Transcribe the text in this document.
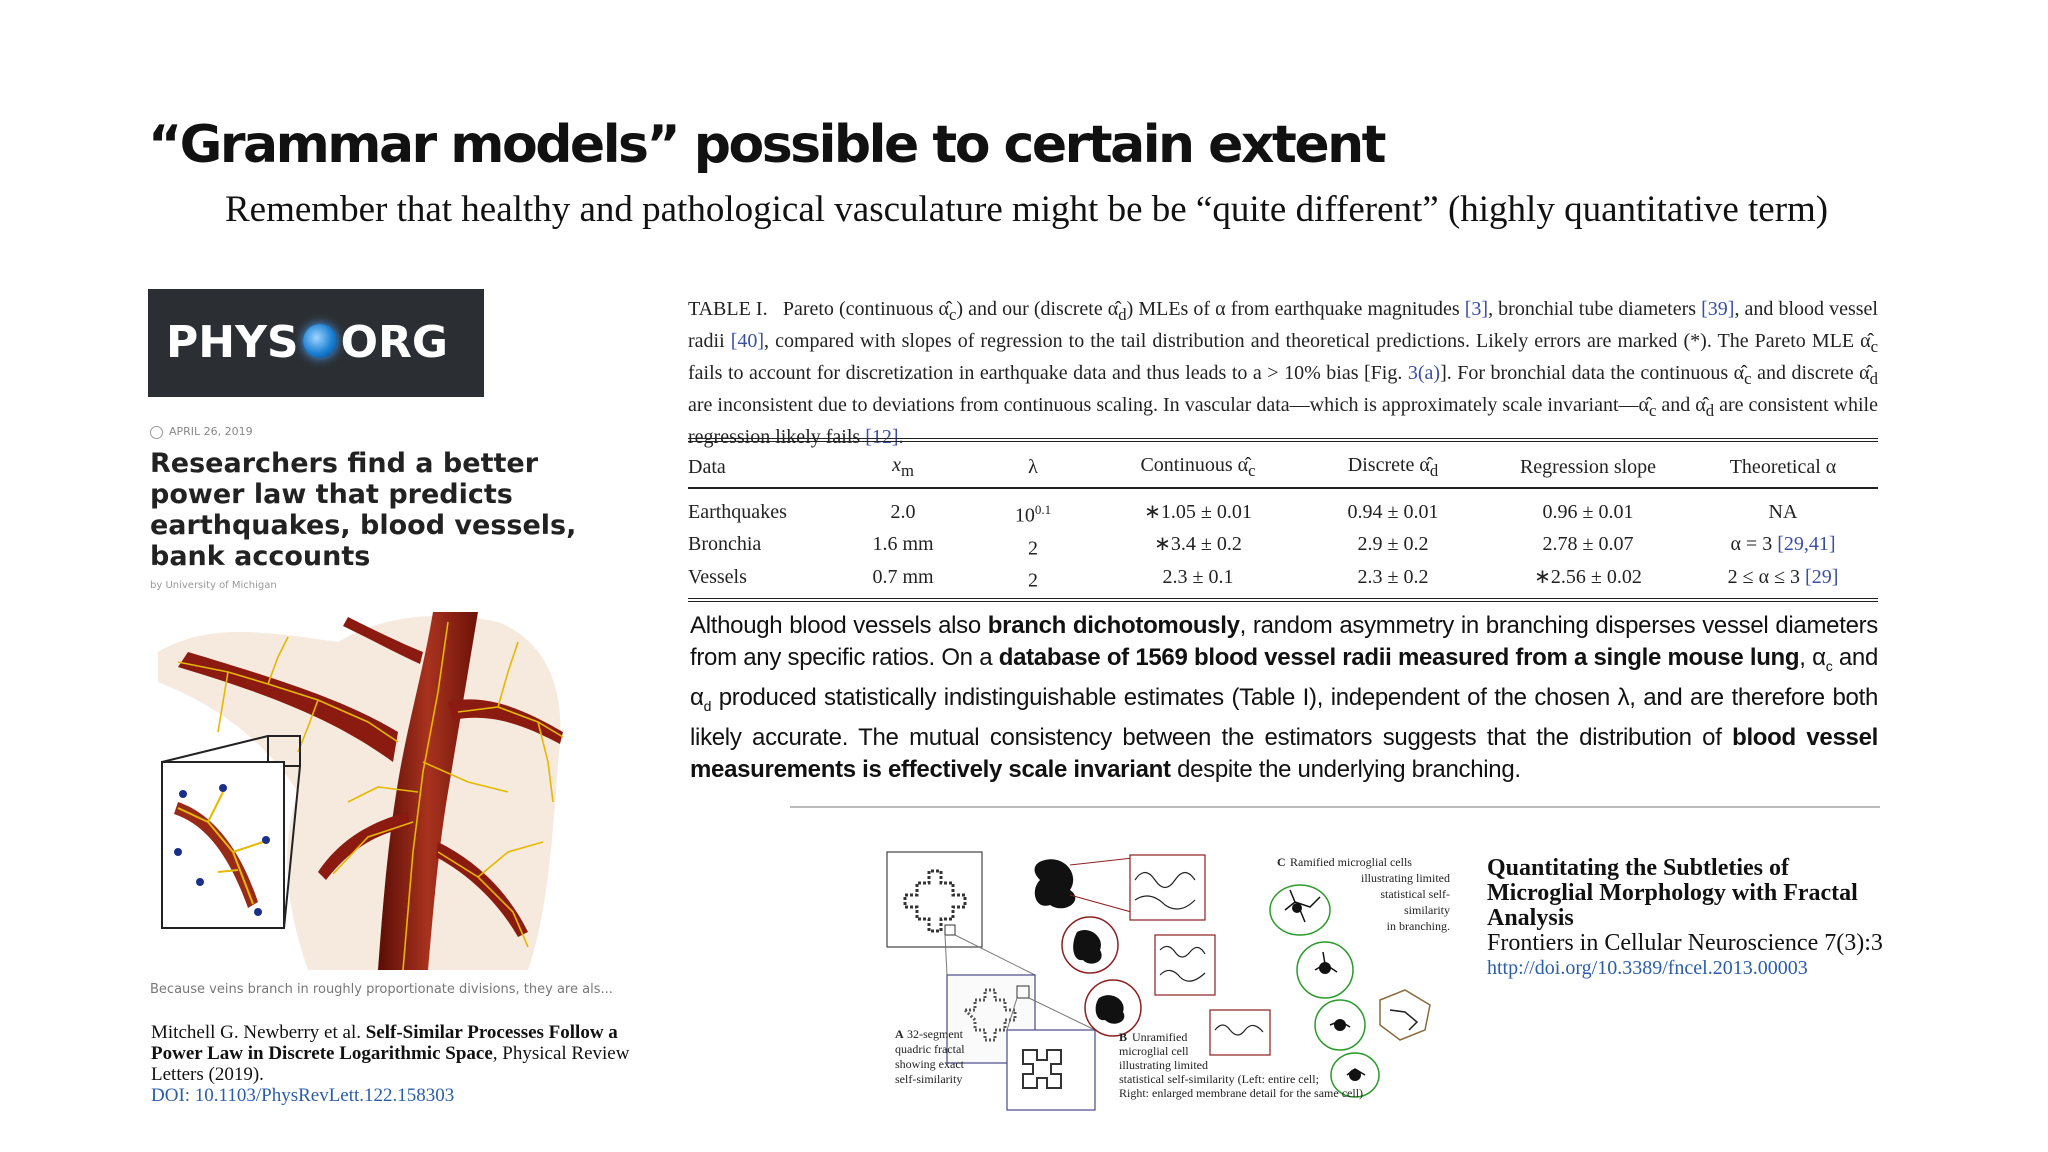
“Grammar models” possible to certain extent
Remember that healthy and pathological vasculature might be be “quite different” (highly quantitative term)
PHYS ORG
APRIL 26, 2019
Researchers find a better power law that predicts earthquakes, blood vessels, bank accounts
by University of Michigan
Because veins branch in roughly proportionate divisions, they are als...
Mitchell G. Newberry et al. Self-Similar Processes Follow a Power Law in Discrete Logarithmic Space, Physical Review Letters (2019).
DOI: 10.1103/PhysRevLett.122.158303
TABLE I. Pareto (continuous $\alphâ_c$) and our (discrete $\alphâ_d$) MLEs of α from earthquake magnitudes [3], bronchial tube diameters [39], and blood vessel radii [40], compared with slopes of regression to the tail distribution and theoretical predictions. Likely errors are marked (*). The Pareto MLE $\alphâ_c$ fails to account for discretization in earthquake data and thus leads to a > 10% bias [Fig. 3(a)]. For bronchial data the continuous $\alphâ_c$ and discrete $\alphâ_d$ are inconsistent due to deviations from continuous scaling. In vascular data—which is approximately scale $invariant—\alphâ_c$ and $\alphâ_d$ are consistent while regression likely fails [12].
Data	$x_m$	λ	Continuous $\alphâ_c$	Discrete $\alphâ_d$	Regression slope	Theoretical α
Earthquakes	2.0	$10^{0.1}$	∗1.05 ± 0.01	0.94 ± 0.01	0.96 ± 0.01	NA
Bronchia	1.6 mm	2	∗3.4 ± 0.2	2.9 ± 0.2	2.78 ± 0.07	α = 3 [29,41]
Vessels	0.7 mm	2	2.3 ± 0.1	2.3 ± 0.2	∗2.56 ± 0.02	2 ≤ α ≤ 3 [29]
Although blood vessels also branch dichotomously, random asymmetry in branching disperses vessel diameters from any specific ratios. On a database of 1569 blood vessel radii measured from a single mouse lung, $\alpha_c$ and $\alpha_d$ produced statistically indistinguishable estimates (Table I), independent of the chosen λ, and are therefore both likely accurate. The mutual consistency between the estimators suggests that the distribution of blood vessel measurements is effectively scale invariant despite the underlying branching.
A 32-segment
quadric fractal
showing exact
self-similarity
B Unramified
microglial cell
illustrating limited
statistical self-similarity (Left: entire cell;
Right: enlarged membrane detail for the same cell)
C Ramified microglial cells
illustrating limited
statistical self-
similarity
in branching.
Quantitating the Subtleties of Microglial Morphology with Fractal Analysis
Frontiers in Cellular Neuroscience 7(3):3
http://doi.org/10.3389/fncel.2013.00003
